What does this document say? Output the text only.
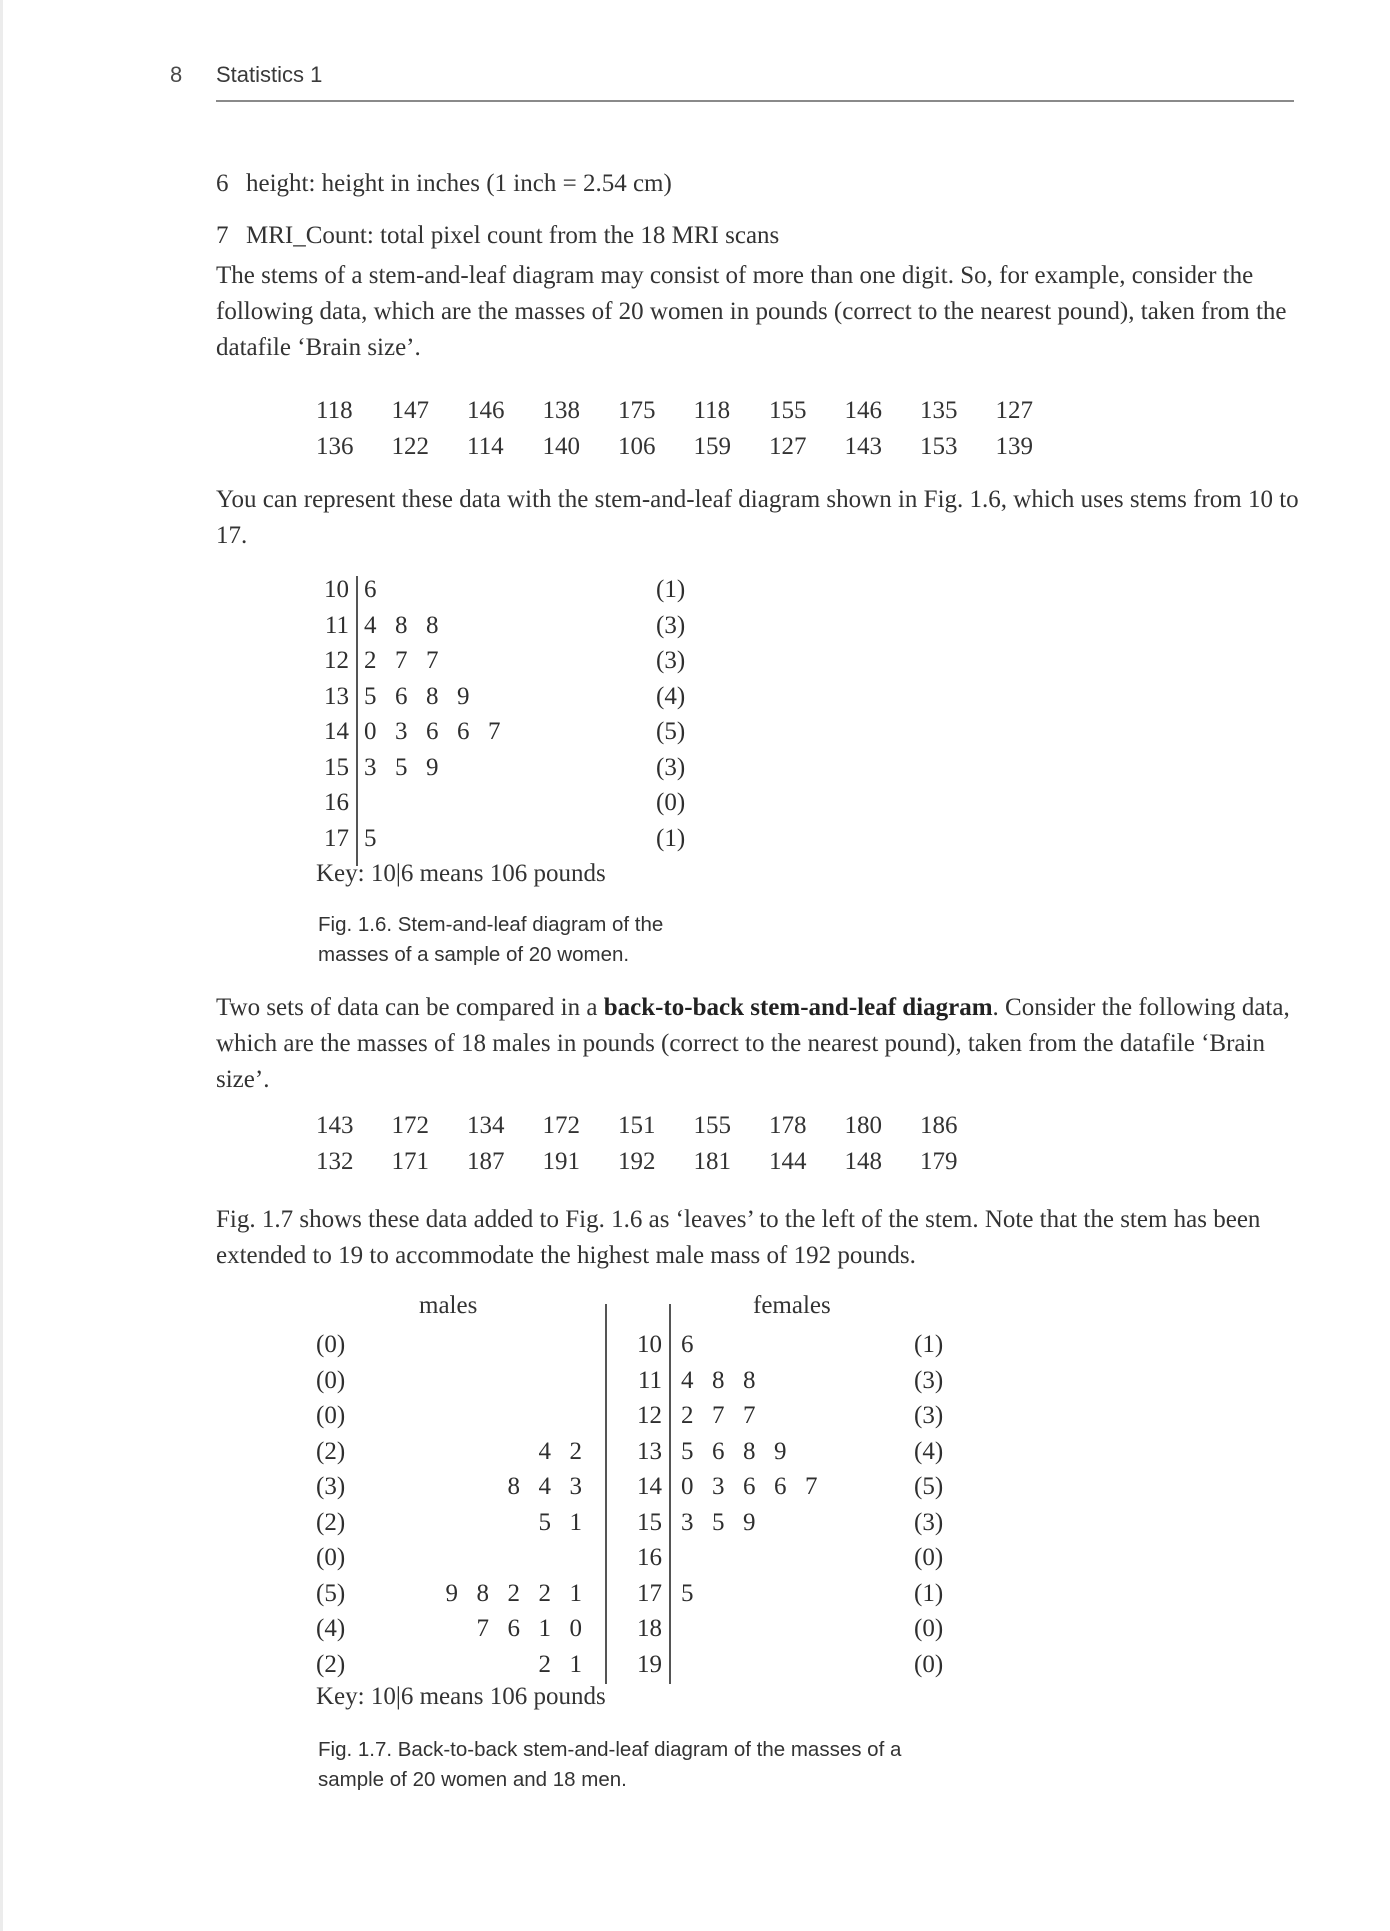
8 Statistics 1
6 height: height in inches (1 inch = 2.54 cm)
7 MRI_Count: total pixel count from the 18 MRI scans

The stems of a stem-and-leaf diagram may consist of more than one digit. So, for example, consider the following data, which are the masses of 20 women in pounds (correct to the nearest pound), taken from the datafile ‘Brain size’.

118	147	146	138	175	118	155	146	135	127
136	122	114	140	106	159	127	143	153	139

You can represent these data with the stem-and-leaf diagram shown in Fig. 1.6, which uses stems from 10 to 17.

10 6	(1)
11 4 8 8	(3)
12 2 7 7	(3)
13 5 6 8 9	(4)
14 0 3 6 6 7	(5)
15 3 5 9	(3)
16	(0)
17 5	(1)
Key: 10|6 means 106 pounds
Fig. 1.6. Stem-and-leaf diagram of the
masses of a sample of 20 women.

Two sets of data can be compared in a back-to-back stem-and-leaf diagram. Consider the following data, which are the masses of 18 males in pounds (correct to the nearest pound), taken from the datafile ‘Brain size’.

143	172	134	172	151	155	178	180	186
132	171	187	191	192	181	144	148	179

Fig. 1.7 shows these data added to Fig. 1.6 as ‘leaves’ to the left of the stem. Note that the stem has been extended to 19 to accommodate the highest male mass of 192 pounds.

males	females
(0)	10 6	(1)
(0)	11 4 8 8	(3)
(0)	12 2 7 7	(3)
(2)	4 2	13 5 6 8 9	(4)
(3)	8 4 3	14 0 3 6 6 7	(5)
(2)	5 1	15 3 5 9	(3)
(0)	16	(0)
(5)	9 8 2 2 1	17 5	(1)
(4)	7 6 1 0	18	(0)
(2)	2 1	19	(0)
Key: 10|6 means 106 pounds
Fig. 1.7. Back-to-back stem-and-leaf diagram of the masses of a
sample of 20 women and 18 men.
